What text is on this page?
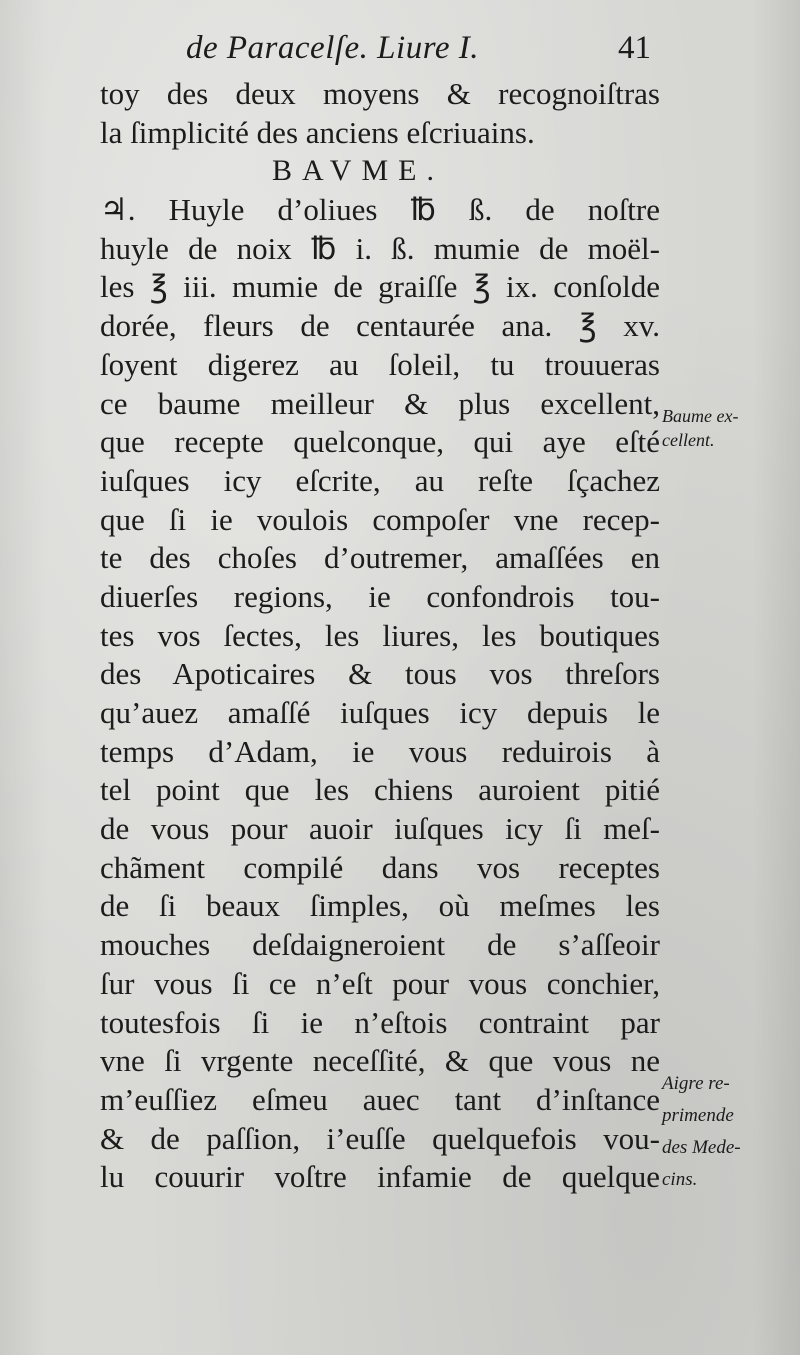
de Paracelſe. Liure I.	41
toy des deux moyens & recognoiſtras
la ſimplicité des anciens eſcriuains.
BAVME.
♃. Huyle d’oliues ℔ ß. de noſtre
huyle de noix ℔ i. ß. mumie de moël-
les ℥ iii. mumie de graiſſe ℥ ix. conſolde
dorée, fleurs de centaurée ana. ℥ xv.
ſoyent digerez au ſoleil, tu trouueras
ce baume meilleur & plus excellent,
que recepte quelconque, qui aye eſté
iuſques icy eſcrite, au reſte ſçachez
que ſi ie voulois compoſer vne recep-
te des choſes d’outremer, amaſſées en
diuerſes regions, ie confondrois tou-
tes vos ſectes, les liures, les boutiques
des Apoticaires & tous vos threſors
qu’auez amaſſé iuſques icy depuis le
temps d’Adam, ie vous reduirois à
tel point que les chiens auroient pitié
de vous pour auoir iuſques icy ſi meſ-
chãment compilé dans vos receptes
de ſi beaux ſimples, où meſmes les
mouches deſdaigneroient de s’aſſeoir
ſur vous ſi ce n’eſt pour vous conchier,
toutesfois ſi ie n’eſtois contraint par
vne ſi vrgente neceſſité, & que vous ne
m’euſſiez eſmeu auec tant d’inſtance
& de paſſion, i’euſſe quelquefois vou-
lu couurir voſtre infamie de quelque
Baume ex-
cellent.
Aigre re-
primende
des Mede-
cins.
